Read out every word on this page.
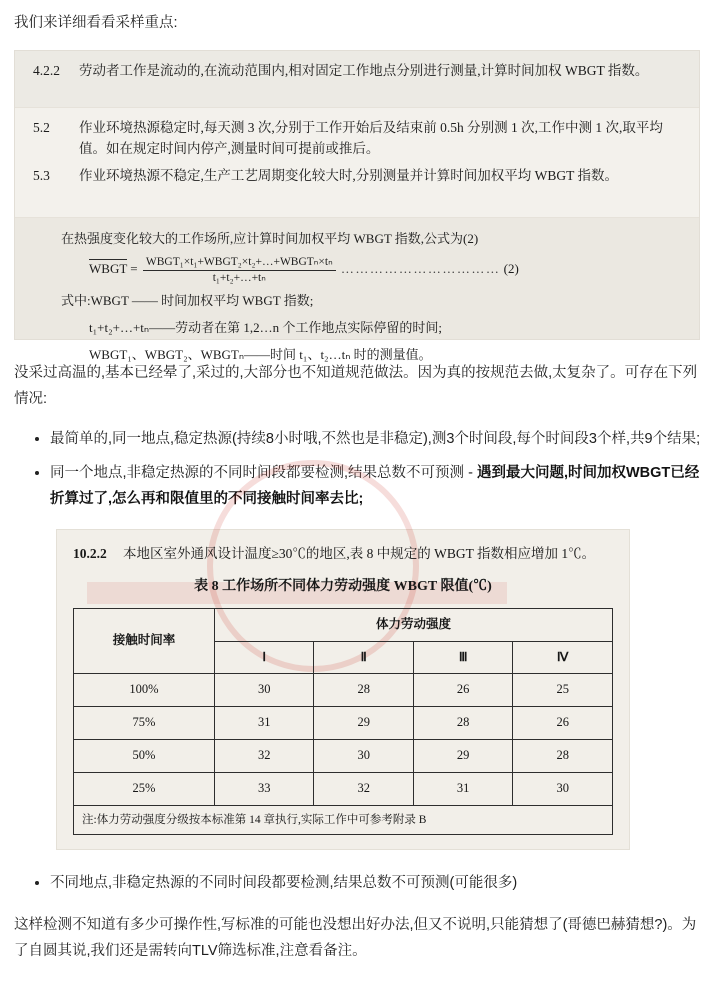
我们来详细看看采样重点:

4.2.2	劳动者工作是流动的,在流动范围内,相对固定工作地点分别进行测量,计算时间加权 WBGT 指数。
5.2	作业环境热源稳定时,每天测 3 次,分别于工作开始后及结束前 0.5h 分别测 1 次,工作中测 1 次,取平均值。如在规定时间内停产,测量时间可提前或推后。
5.3	作业环境热源不稳定,生产工艺周期变化较大时,分别测量并计算时间加权平均 WBGT 指数。
在热强度变化较大的工作场所,应计算时间加权平均 WBGT 指数,公式为(2)
WBGT = $\frac{\text{WBGT₁×t₁+WBGT₂×t₂+…+WBGTₙ×tₙ}}{\text{t₁+t₂+…+tₙ}}$ …………………………… (2)
式中:WBGT —— 时间加权平均 WBGT 指数;
t₁+t₂+…+tₙ——劳动者在第 1,2…n 个工作地点实际停留的时间;
WBGT₁、WBGT₂、WBGTₙ——时间 t₁、t₂…tₙ 时的测量值。

没采过高温的,基本已经晕了,采过的,大部分也不知道规范做法。因为真的按规范去做,太复杂了。可存在下列情况:

• 最简单的,同一地点,稳定热源(持续8小时哦,不然也是非稳定),测3个时间段,每个时间段3个样,共9个结果;
• 同一个地点,非稳定热源的不同时间段都要检测,结果总数不可预测 - 遇到最大问题,时间加权WBGT已经折算过了,怎么再和限值里的不同接触时间率去比;
10.2.2 本地区室外通风设计温度≥30℃的地区,表 8 中规定的 WBGT 指数相应增加 1℃。
表 8 工作场所不同体力劳动强度 WBGT 限值(℃)
接触时间率	体力劳动强度			
	Ⅰ	Ⅱ	Ⅲ	Ⅳ
100%	30	28	26	25
75%	31	29	28	26
50%	32	30	29	28
25%	33	32	31	30
注:体力劳动强度分级按本标准第 14 章执行,实际工作中可参考附录 B
• 不同地点,非稳定热源的不同时间段都要检测,结果总数不可预测(可能很多)

这样检测不知道有多少可操作性,写标准的可能也没想出好办法,但又不说明,只能猜想了(哥德巴赫猜想?)。为了自圆其说,我们还是需转向TLV筛选标准,注意看备注。
